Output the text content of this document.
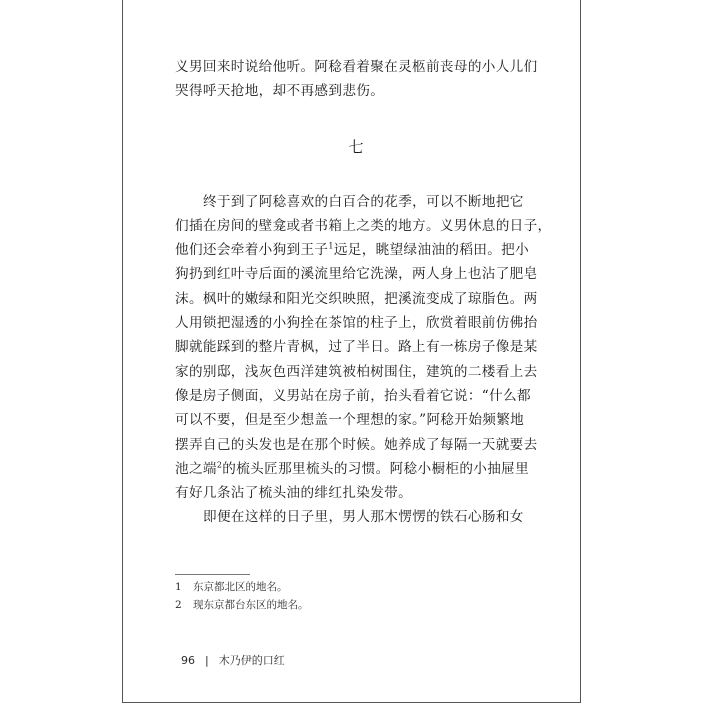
义男回来时说给他听。阿稔看着聚在灵柩前丧母的小人儿们
哭得呼天抢地，却不再感到悲伤。
七
终于到了阿稔喜欢的白百合的花季，可以不断地把它
们插在房间的壁龛或者书箱上之类的地方。义男休息的日子，
他们还会牵着小狗到王子$^1$远足，眺望绿油油的稻田。把小
狗扔到红叶寺后面的溪流里给它洗澡，两人身上也沾了肥皂
沫。枫叶的嫩绿和阳光交织映照，把溪流变成了琼脂色。两
人用锁把湿透的小狗拴在茶馆的柱子上，欣赏着眼前仿佛抬
脚就能踩到的整片青枫，过了半日。路上有一栋房子像是某
家的别邸，浅灰色西洋建筑被柏树围住，建筑的二楼看上去
像是房子侧面，义男站在房子前，抬头看着它说：“什么都
可以不要，但是至少想盖一个理想的家。”阿稔开始频繁地
摆弄自己的头发也是在那个时候。她养成了每隔一天就要去
池之端$^2$的梳头匠那里梳头的习惯。阿稔小橱柜的小抽屉里
有好几条沾了梳头油的绯红扎染发带。
即便在这样的日子里，男人那木愣愣的铁石心肠和女
1 东京都北区的地名。
2 现东京都台东区的地名。
96 | 木乃伊的口红
